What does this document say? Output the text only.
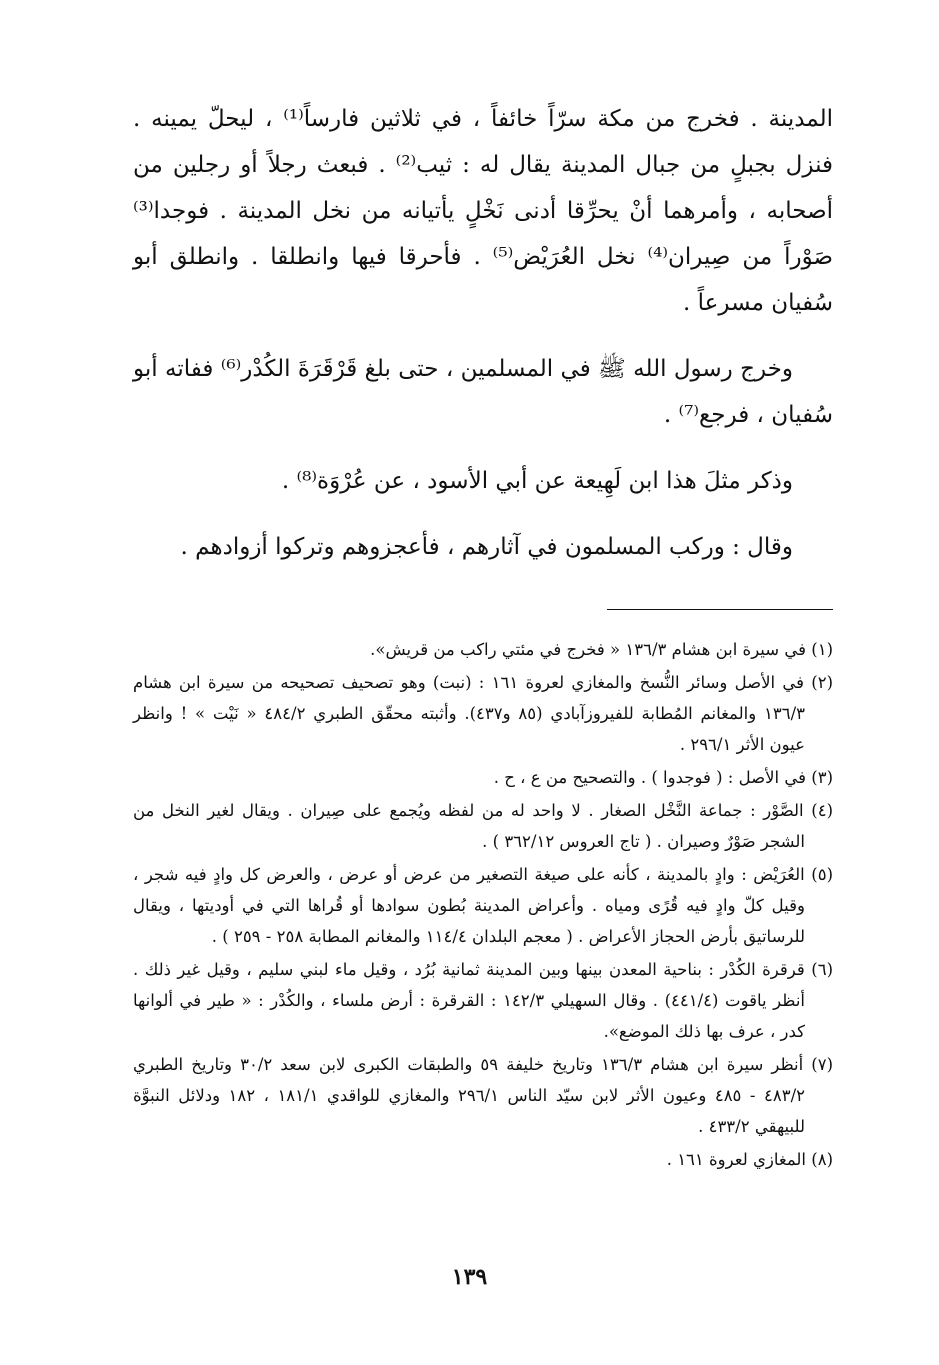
المدينة . فخرج من مكة سرّاً خائفاً ، في ثلاثين فارساً⁽¹⁾ ، ليحلّ يمينه . فنزل بجبلٍ من جبال المدينة يقال له : ثيب⁽²⁾ . فبعث رجلاً أو رجلين من أصحابه ، وأمرهما أنْ يحرِّقا أدنى نَخْلٍ يأتيانه من نخل المدينة . فوجدا⁽³⁾ صَوْراً من صِيران⁽⁴⁾ نخل العُرَيْض⁽⁵⁾ . فأحرقا فيها وانطلقا . وانطلق أبو سُفيان مسرعاً .

وخرج رسول الله ﷺ في المسلمين ، حتى بلغ قَرْقَرَةَ الكُدْر⁽⁶⁾ ففاته أبو سُفيان ، فرجع⁽⁷⁾ .

وذكر مثلَ هذا ابن لَهِيعة عن أبي الأسود ، عن عُرْوَة⁽⁸⁾ .

وقال : وركب المسلمون في آثارهم ، فأعجزوهم وتركوا أزوادهم .

(١) في سيرة ابن هشام ١٣٦/٣ « فخرج في مئتي راكب من قريش».

(٢) في الأصل وسائر النُّسخ والمغازي لعروة ١٦١ : (نبت) وهو تصحيف تصحيحه من سيرة ابن هشام ١٣٦/٣ والمغانم المُطابة للفيروزآبادي (٨٥ و٤٣٧). وأثبته محقّق الطبري ٤٨٤/٢ « نَيْت » ! وانظر عيون الأثر ٢٩٦/١ .

(٣) في الأصل : ( فوجدوا ) . والتصحيح من ع ، ح .

(٤) الصَّوْر : جماعة النَّخْل الصغار . لا واحد له من لفظه ويُجمع على صِيران . ويقال لغير النخل من الشجر صَوْرٌ وصيران . ( تاج العروس ٣٦٢/١٢ ) .

(٥) العُرَيْض : وادٍ بالمدينة ، كأنه على صيغة التصغير من عرض أو عرض ، والعرض كل وادٍ فيه شجر ، وقيل كلّ وادٍ فيه قُرًى ومياه . وأعراض المدينة بُطون سوادها أو قُراها التي في أوديتها ، ويقال للرساتيق بأرض الحجاز الأعراض . ( معجم البلدان ١١٤/٤ والمغانم المطابة ٢٥٨ - ٢٥٩ ) .

(٦) قرقرة الكُدْر : بناحية المعدن بينها وبين المدينة ثمانية بُرُد ، وقيل ماء لبني سليم ، وقيل غير ذلك . أنظر ياقوت (٤٤١/٤) . وقال السهيلي ١٤٢/٣ : القرقرة : أرض ملساء ، والكُدْر : « طير في ألوانها كدر ، عرف بها ذلك الموضع».

(٧) أنظر سيرة ابن هشام ١٣٦/٣ وتاريخ خليفة ٥٩ والطبقات الكبرى لابن سعد ٣٠/٢ وتاريخ الطبري ٤٨٣/٢ - ٤٨٥ وعيون الأثر لابن سيّد الناس ٢٩٦/١ والمغازي للواقدي ١٨١/١ ، ١٨٢ ودلائل النبوَّة للبيهقي ٤٣٣/٢ .

(٨) المغازي لعروة ١٦١ .

١٣٩
